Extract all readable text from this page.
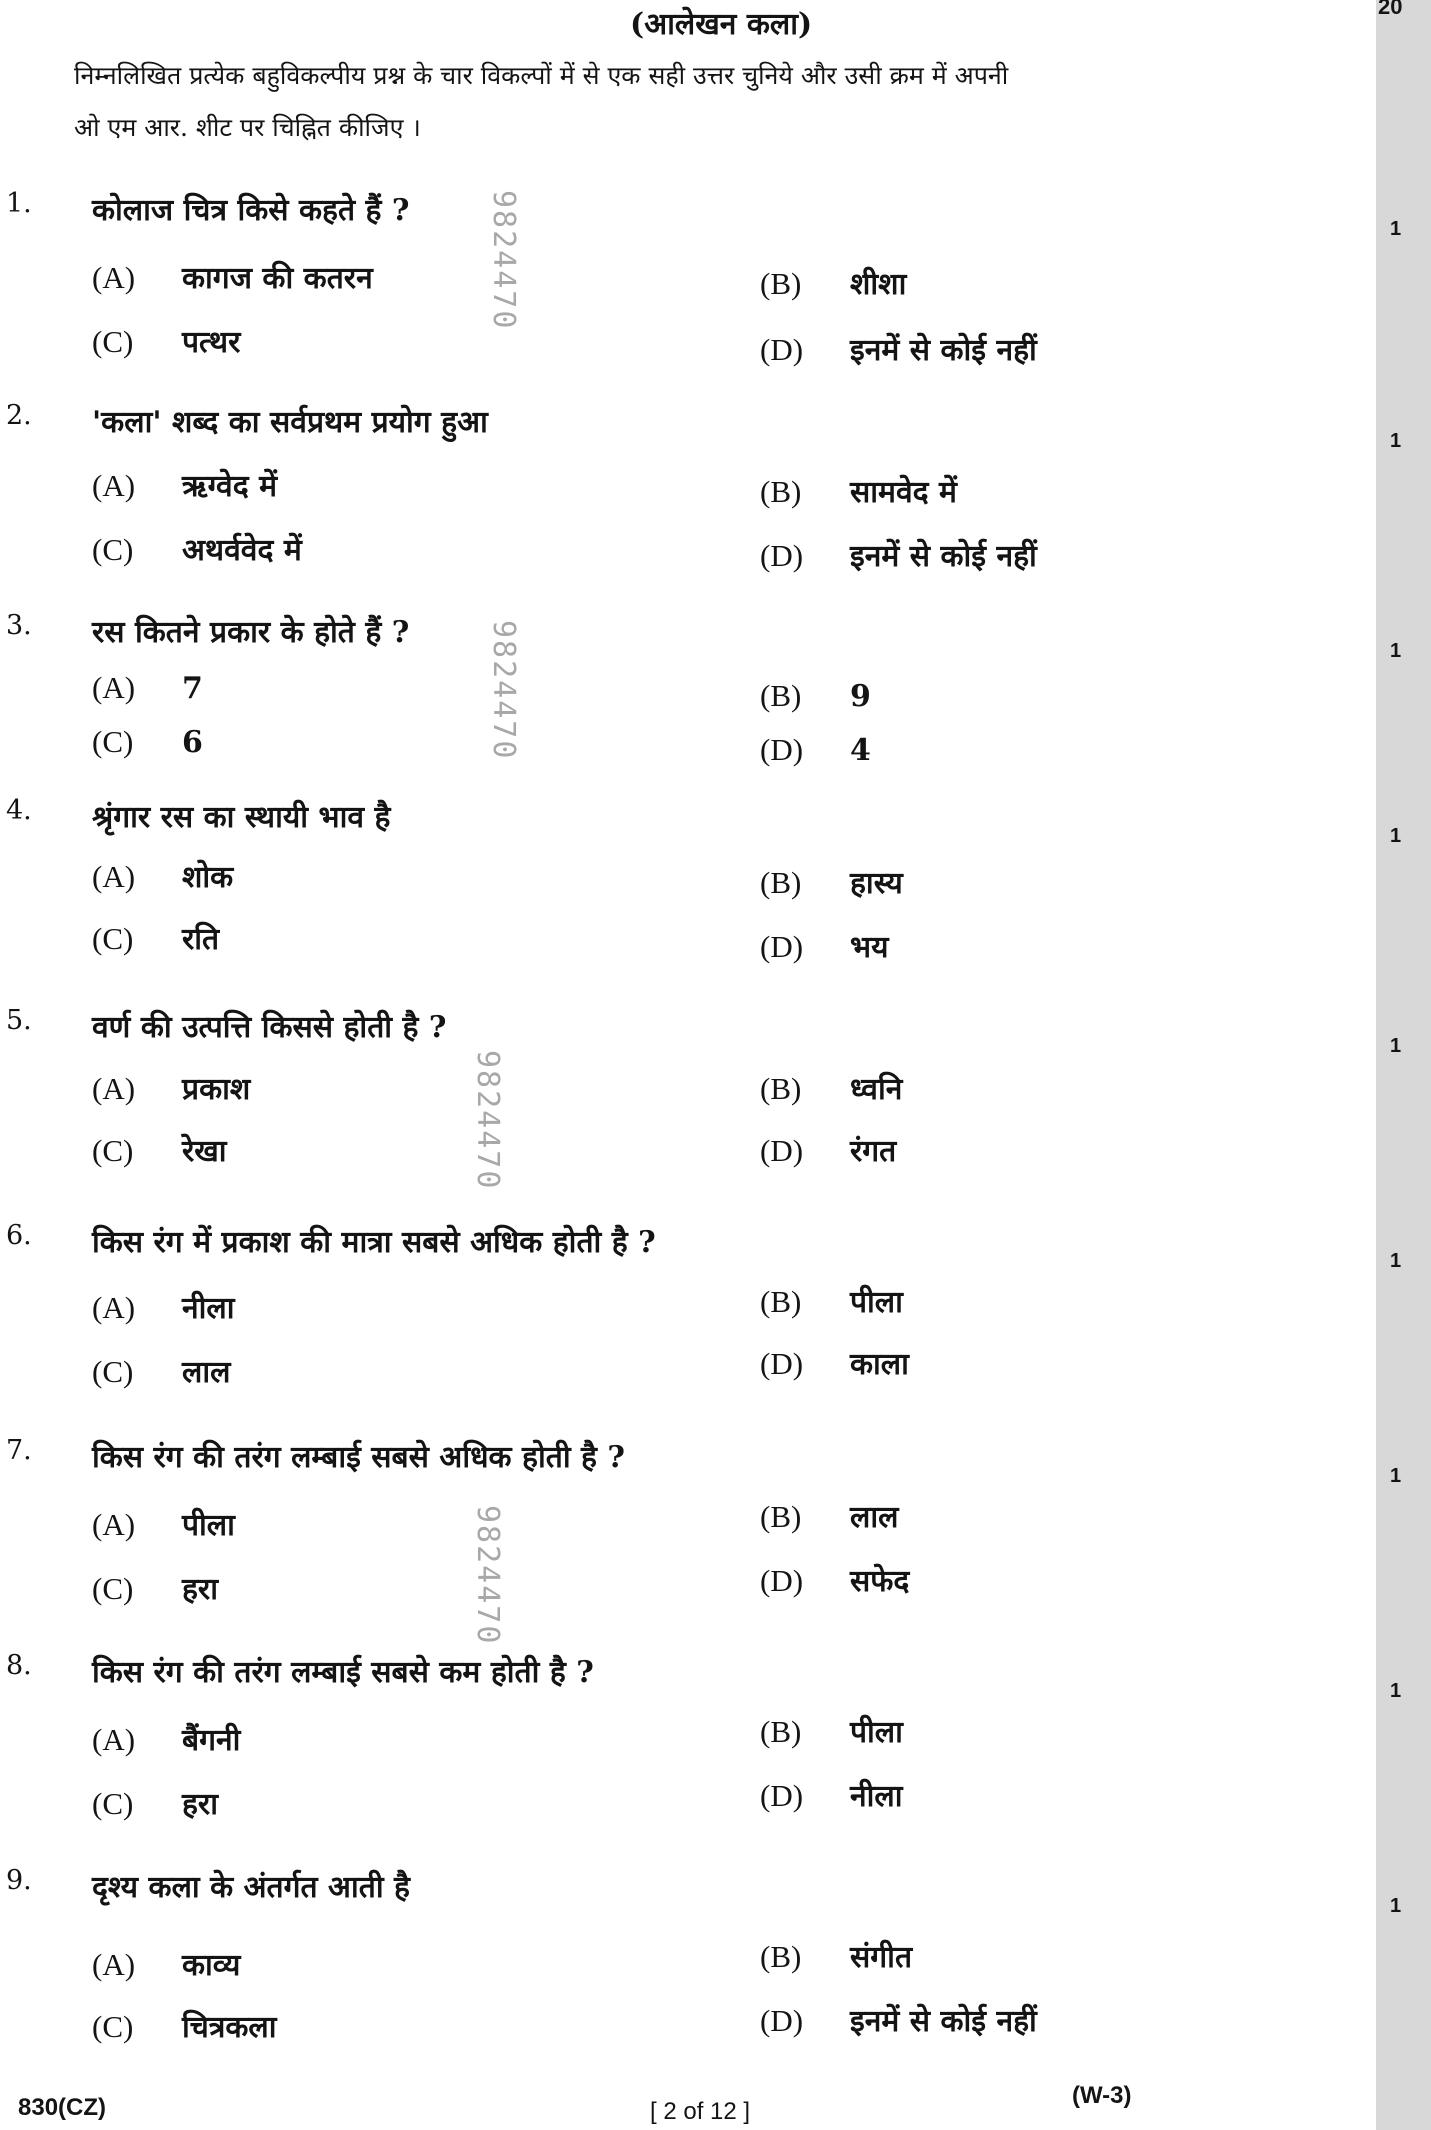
20
(आलेखन कला)
निम्नलिखित प्रत्येक बहुविकल्पीय प्रश्न के चार विकल्पों में से एक सही उत्तर चुनिये और उसी क्रम में अपनी
ओ एम आर. शीट पर चिह्नित कीजिए ।
9824470
9824470
9824470
9824470
1. कोलाज चित्र किसे कहते हैं ?
1
(A) कागज की कतरन	(B) शीशा
(C) पत्थर	(D) इनमें से कोई नहीं
2. 'कला' शब्द का सर्वप्रथम प्रयोग हुआ
1
(A) ऋग्वेद में	(B) सामवेद में
(C) अथर्ववेद में	(D) इनमें से कोई नहीं
3. रस कितने प्रकार के होते हैं ?
1
(A) 7	(B) 9
(C) 6	(D) 4
4. श्रृंगार रस का स्थायी भाव है
1
(A) शोक	(B) हास्य
(C) रति	(D) भय
5. वर्ण की उत्पत्ति किससे होती है ?
1
(A) प्रकाश	(B) ध्वनि
(C) रेखा	(D) रंगत
6. किस रंग में प्रकाश की मात्रा सबसे अधिक होती है ?
1
(A) नीला	(B) पीला
(C) लाल	(D) काला
7. किस रंग की तरंग लम्बाई सबसे अधिक होती है ?
1
(A) पीला	(B) लाल
(C) हरा	(D) सफेद
8. किस रंग की तरंग लम्बाई सबसे कम होती है ?
1
(A) बैंगनी	(B) पीला
(C) हरा	(D) नीला
9. दृश्य कला के अंतर्गत आती है
1
(A) काव्य	(B) संगीत
(C) चित्रकला	(D) इनमें से कोई नहीं
830(CZ)	[ 2 of 12 ]
(W-3)
